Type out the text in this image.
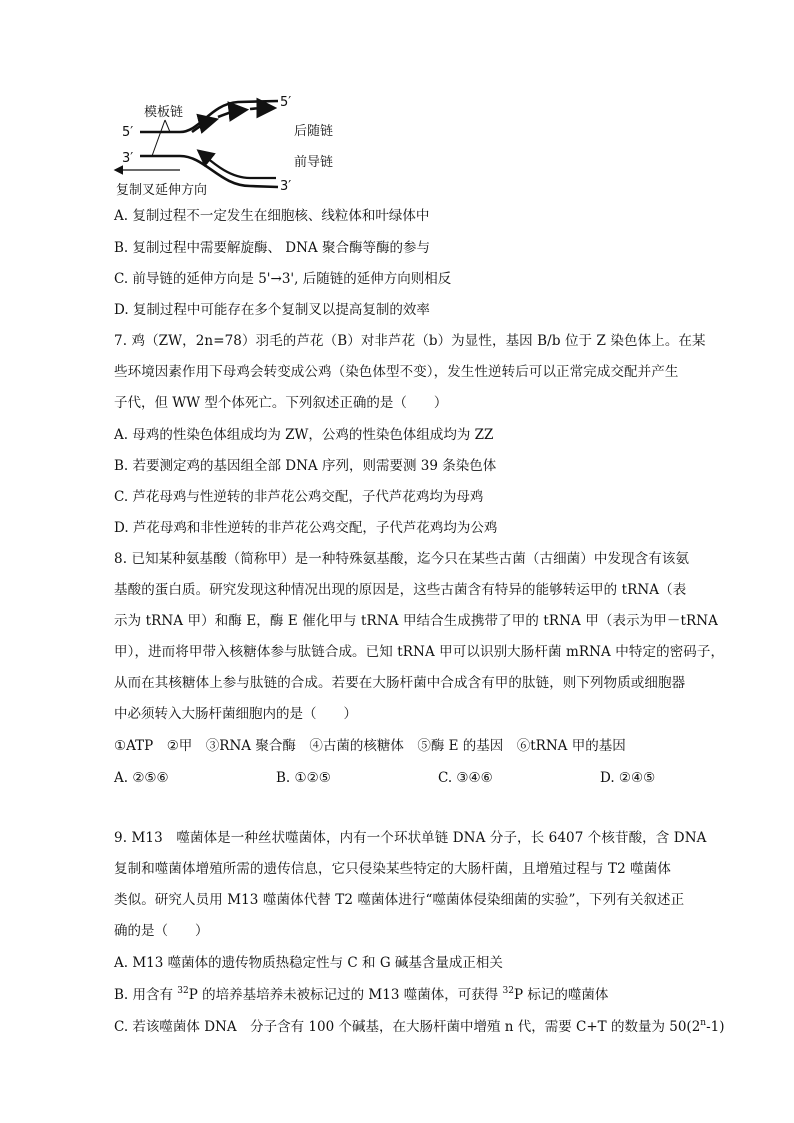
模板链
5′
3′
5′
后随链
前导链
3′
复制叉延伸方向
A. 复制过程不一定发生在细胞核、线粒体和叶绿体中
B. 复制过程中需要解旋酶、 DNA 聚合酶等酶的参与
C. 前导链的延伸方向是 5'→3', 后随链的延伸方向则相反
D. 复制过程中可能存在多个复制叉以提高复制的效率
7. 鸡（ZW，2n=78）羽毛的芦花（B）对非芦花（b）为显性，基因 B/b 位于 Z 染色体上。在某
些环境因素作用下母鸡会转变成公鸡（染色体型不变），发生性逆转后可以正常完成交配并产生
子代，但 WW 型个体死亡。下列叙述正确的是（　　）
A. 母鸡的性染色体组成均为 ZW，公鸡的性染色体组成均为 ZZ
B. 若要测定鸡的基因组全部 DNA 序列，则需要测 39 条染色体
C. 芦花母鸡与性逆转的非芦花公鸡交配，子代芦花鸡均为母鸡
D. 芦花母鸡和非性逆转的非芦花公鸡交配，子代芦花鸡均为公鸡
8. 已知某种氨基酸（简称甲）是一种特殊氨基酸，迄今只在某些古菌（古细菌）中发现含有该氨
基酸的蛋白质。研究发现这种情况出现的原因是，这些古菌含有特异的能够转运甲的 tRNA（表
示为 tRNA 甲）和酶 E，酶 E 催化甲与 tRNA 甲结合生成携带了甲的 tRNA 甲（表示为甲－tRNA
甲），进而将甲带入核糖体参与肽链合成。已知 tRNA 甲可以识别大肠杆菌 mRNA 中特定的密码子，
从而在其核糖体上参与肽链的合成。若要在大肠杆菌中合成含有甲的肽链，则下列物质或细胞器
中必须转入大肠杆菌细胞内的是（　　）
①ATP　②甲　③RNA 聚合酶　④古菌的核糖体　⑤酶 E 的基因　⑥tRNA 甲的基因
A. ②⑤⑥	B. ①②⑤	C. ③④⑥	D. ②④⑤
9. M13　噬菌体是一种丝状噬菌体，内有一个环状单链 DNA 分子，长 6407 个核苷酸，含 DNA
复制和噬菌体增殖所需的遗传信息，它只侵染某些特定的大肠杆菌，且增殖过程与 T2 噬菌体
类似。研究人员用 M13 噬菌体代替 T2 噬菌体进行“噬菌体侵染细菌的实验”，下列有关叙述正
确的是（　　）
A. M13 噬菌体的遗传物质热稳定性与 C 和 G 碱基含量成正相关
B. 用含有 $^{32}$P 的培养基培养未被标记过的 M13 噬菌体，可获得 $^{32}$P 标记的噬菌体
C. 若该噬菌体 DNA　分子含有 100 个碱基，在大肠杆菌中增殖 n 代，需要 C+T 的数量为 50(2$^n$-1)
